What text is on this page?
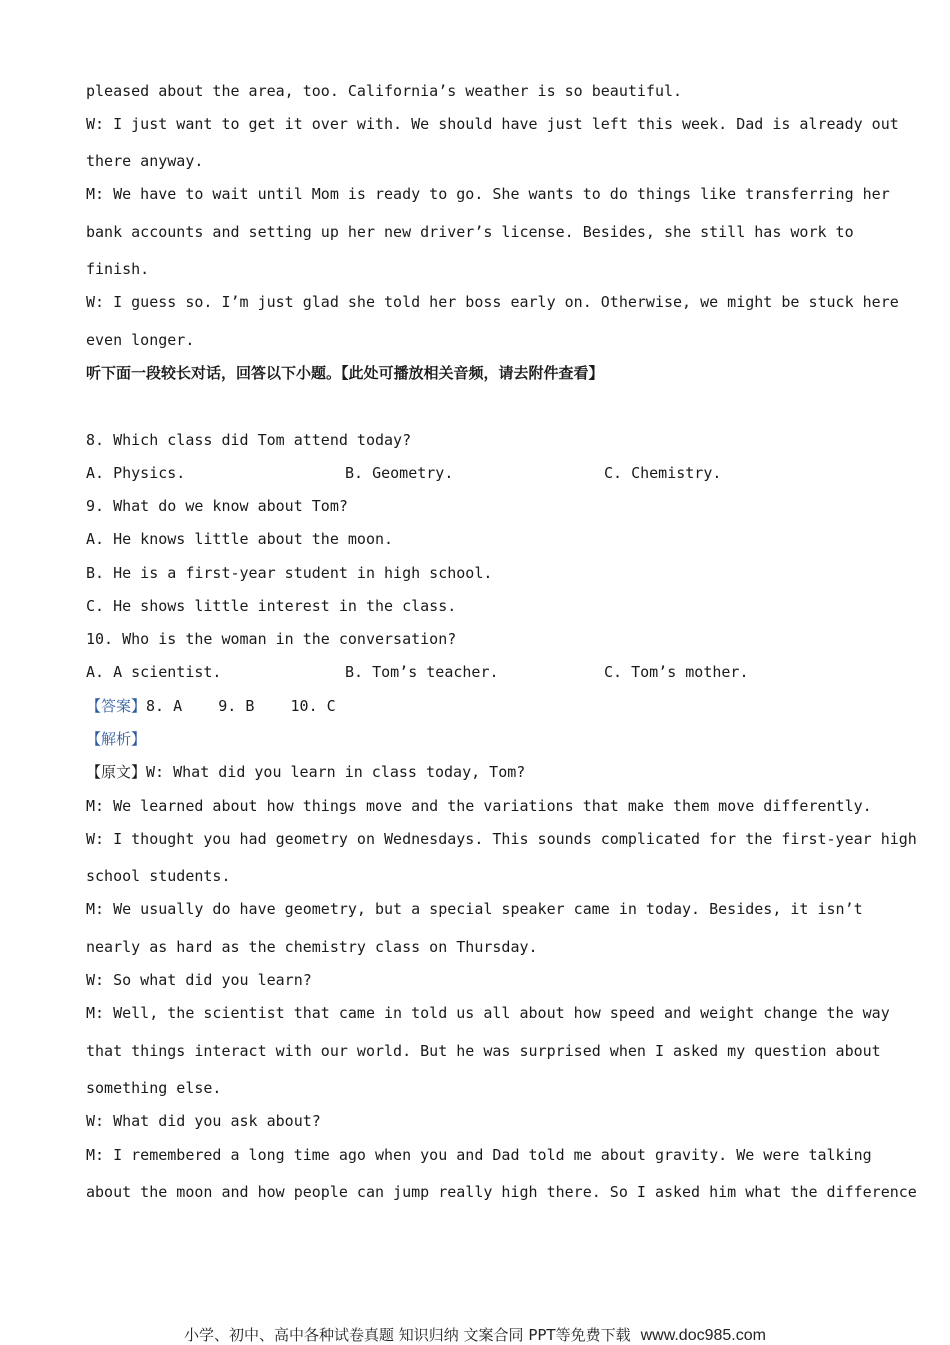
pleased about the area, too. California’s weather is so beautiful.
W: I just want to get it over with. We should have just left this week. Dad is already out
there anyway.
M: We have to wait until Mom is ready to go. She wants to do things like transferring her
bank accounts and setting up her new driver’s license. Besides, she still has work to
finish.
W: I guess so. I’m just glad she told her boss early on. Otherwise, we might be stuck here
even longer.
听下面一段较长对话，回答以下小题。【此处可播放相关音频，请去附件查看】
8. Which class did Tom attend today?
A. Physics.	B. Geometry.	C. Chemistry.
9. What do we know about Tom?
A. He knows little about the moon.
B. He is a first-year student in high school.
C. He shows little interest in the class.
10. Who is the woman in the conversation?
A. A scientist.	B. Tom’s teacher.	C. Tom’s mother.
【答案】8. A    9. B    10. C
【解析】
【原文】W: What did you learn in class today, Tom?
M: We learned about how things move and the variations that make them move differently.
W: I thought you had geometry on Wednesdays. This sounds complicated for the first-year high
school students.
M: We usually do have geometry, but a special speaker came in today. Besides, it isn’t
nearly as hard as the chemistry class on Thursday.
W: So what did you learn?
M: Well, the scientist that came in told us all about how speed and weight change the way
that things interact with our world. But he was surprised when I asked my question about
something else.
W: What did you ask about?
M: I remembered a long time ago when you and Dad told me about gravity. We were talking
about the moon and how people can jump really high there. So I asked him what the difference
小学、初中、高中各种试卷真题 知识归纳 文案合同 PPT等免费下载 www.doc985.com
